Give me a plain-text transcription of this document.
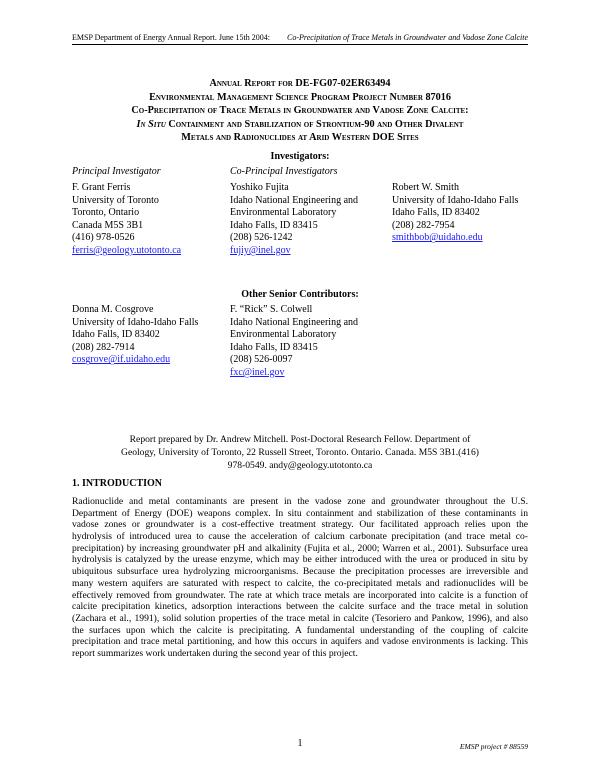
EMSP Department of Energy Annual Report. June 15th 2004: Co-Precipitation of Trace Metals in Groundwater and Vadose Zone Calcite
Annual Report for DE-FG07-02ER63494
Environmental Management Science Program Project Number 87016
Co-Precipitation of Trace Metals in Groundwater and Vadose Zone Calcite:
In Situ Containment and Stabilization of Strontium-90 and Other Divalent
Metals and Radionuclides at Arid Western DOE Sites
Investigators:
Principal Investigator	Co-Principal Investigators
F. Grant Ferris
University of Toronto
Toronto, Ontario
Canada M5S 3B1
(416) 978-0526
ferris@geology.utotonto.ca
Yoshiko Fujita
Idaho National Engineering and
Environmental Laboratory
Idaho Falls, ID 83415
(208) 526-1242
fujiy@inel.gov
Robert W. Smith
University of Idaho-Idaho Falls
Idaho Falls, ID 83402
(208) 282-7954
smithbob@uidaho.edu
Other Senior Contributors:
Donna M. Cosgrove
University of Idaho-Idaho Falls
Idaho Falls, ID 83402
(208) 282-7914
cosgrove@if.uidaho.edu
F. “Rick” S. Colwell
Idaho National Engineering and
Environmental Laboratory
Idaho Falls, ID 83415
(208) 526-0097
fxc@inel.gov
Report prepared by Dr. Andrew Mitchell. Post-Doctoral Research Fellow. Department of
Geology, University of Toronto, 22 Russell Street, Toronto. Ontario. Canada. M5S 3B1.(416)
978-0549. andy@geology.utotonto.ca
1. INTRODUCTION
Radionuclide and metal contaminants are present in the vadose zone and groundwater throughout the U.S.
Department of Energy (DOE) weapons complex. In situ containment and stabilization of these contaminants in
vadose zones or groundwater is a cost-effective treatment strategy. Our facilitated approach relies upon the
hydrolysis of introduced urea to cause the acceleration of calcium carbonate precipitation (and trace metal co-
precipitation) by increasing groundwater pH and alkalinity (Fujita et al., 2000; Warren et al., 2001). Subsurface urea
hydrolysis is catalyzed by the urease enzyme, which may be either introduced with the urea or produced in situ by
ubiquitous subsurface urea hydrolyzing microorganisms. Because the precipitation processes are irreversible and
many western aquifers are saturated with respect to calcite, the co-precipitated metals and radionuclides will be
effectively removed from groundwater. The rate at which trace metals are incorporated into calcite is a function of
calcite precipitation kinetics, adsorption interactions between the calcite surface and the trace metal in solution
(Zachara et al., 1991), solid solution properties of the trace metal in calcite (Tesoriero and Pankow, 1996), and also
the surfaces upon which the calcite is precipitating. A fundamental understanding of the coupling of calcite
precipitation and trace metal partitioning, and how this occurs in aquifers and vadose environments is lacking. This
report summarizes work undertaken during the second year of this project.
1	EMSP project # 88559
